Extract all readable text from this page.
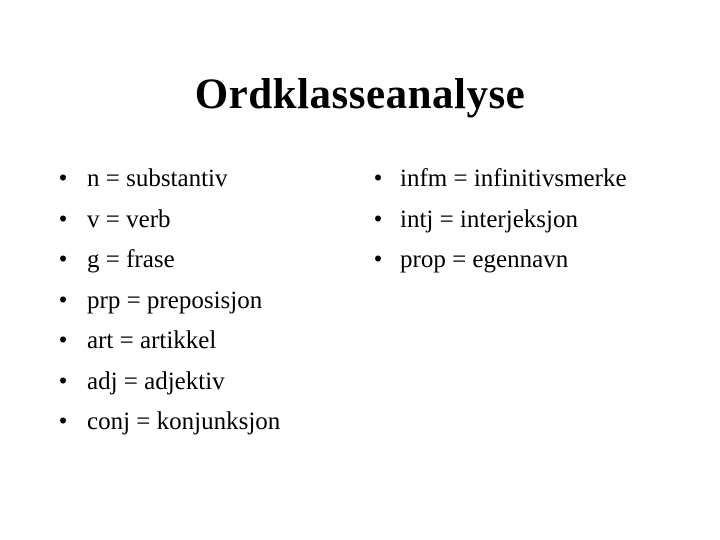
Ordklasseanalyse
• n = substantiv
• v = verb
• g = frase
• prp = preposisjon
• art = artikkel
• adj = adjektiv
• conj = konjunksjon
• infm = infinitivsmerke
• intj = interjeksjon
• prop = egennavn
